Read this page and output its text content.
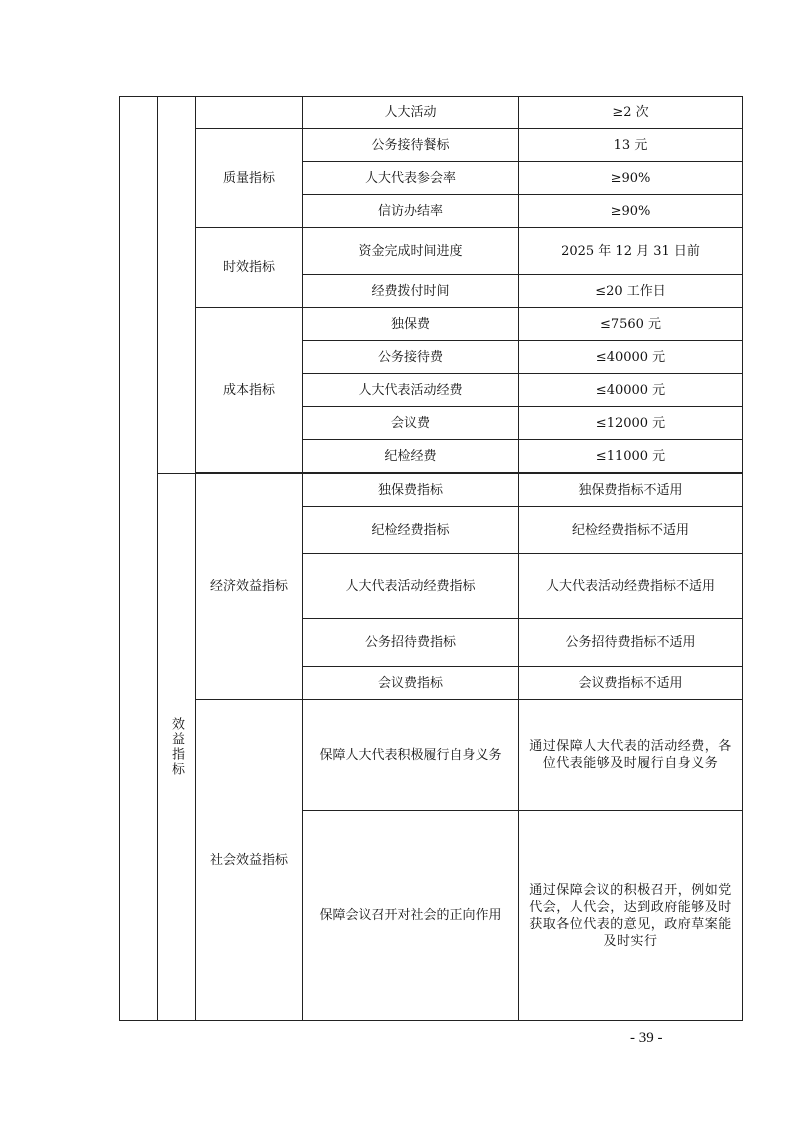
			人大活动	≥2 次
		质量指标	公务接待餐标	13 元
			人大代表参会率	≥90%
			信访办结率	≥90%
		时效指标	资金完成时间进度	2025 年 12 月 31 日前
			经费拨付时间	≤20 工作日
		成本指标	独保费	≤7560 元
			公务接待费	≤40000 元
			人大代表活动经费	≤40000 元
			会议费	≤12000 元
			纪检经费	≤11000 元

	效益指标	经济效益指标	独保费指标	独保费指标不适用
			纪检经费指标	纪检经费指标不适用
			人大代表活动经费指标	人大代表活动经费指标不适用
			公务招待费指标	公务招待费指标不适用
			会议费指标	会议费指标不适用
		社会效益指标	保障人大代表积极履行自身义务	通过保障人大代表的活动经费，各位代表能够及时履行自身义务
			保障会议召开对社会的正向作用	通过保障会议的积极召开，例如党代会，人代会，达到政府能够及时获取各位代表的意见，政府草案能及时实行
- 39 -
